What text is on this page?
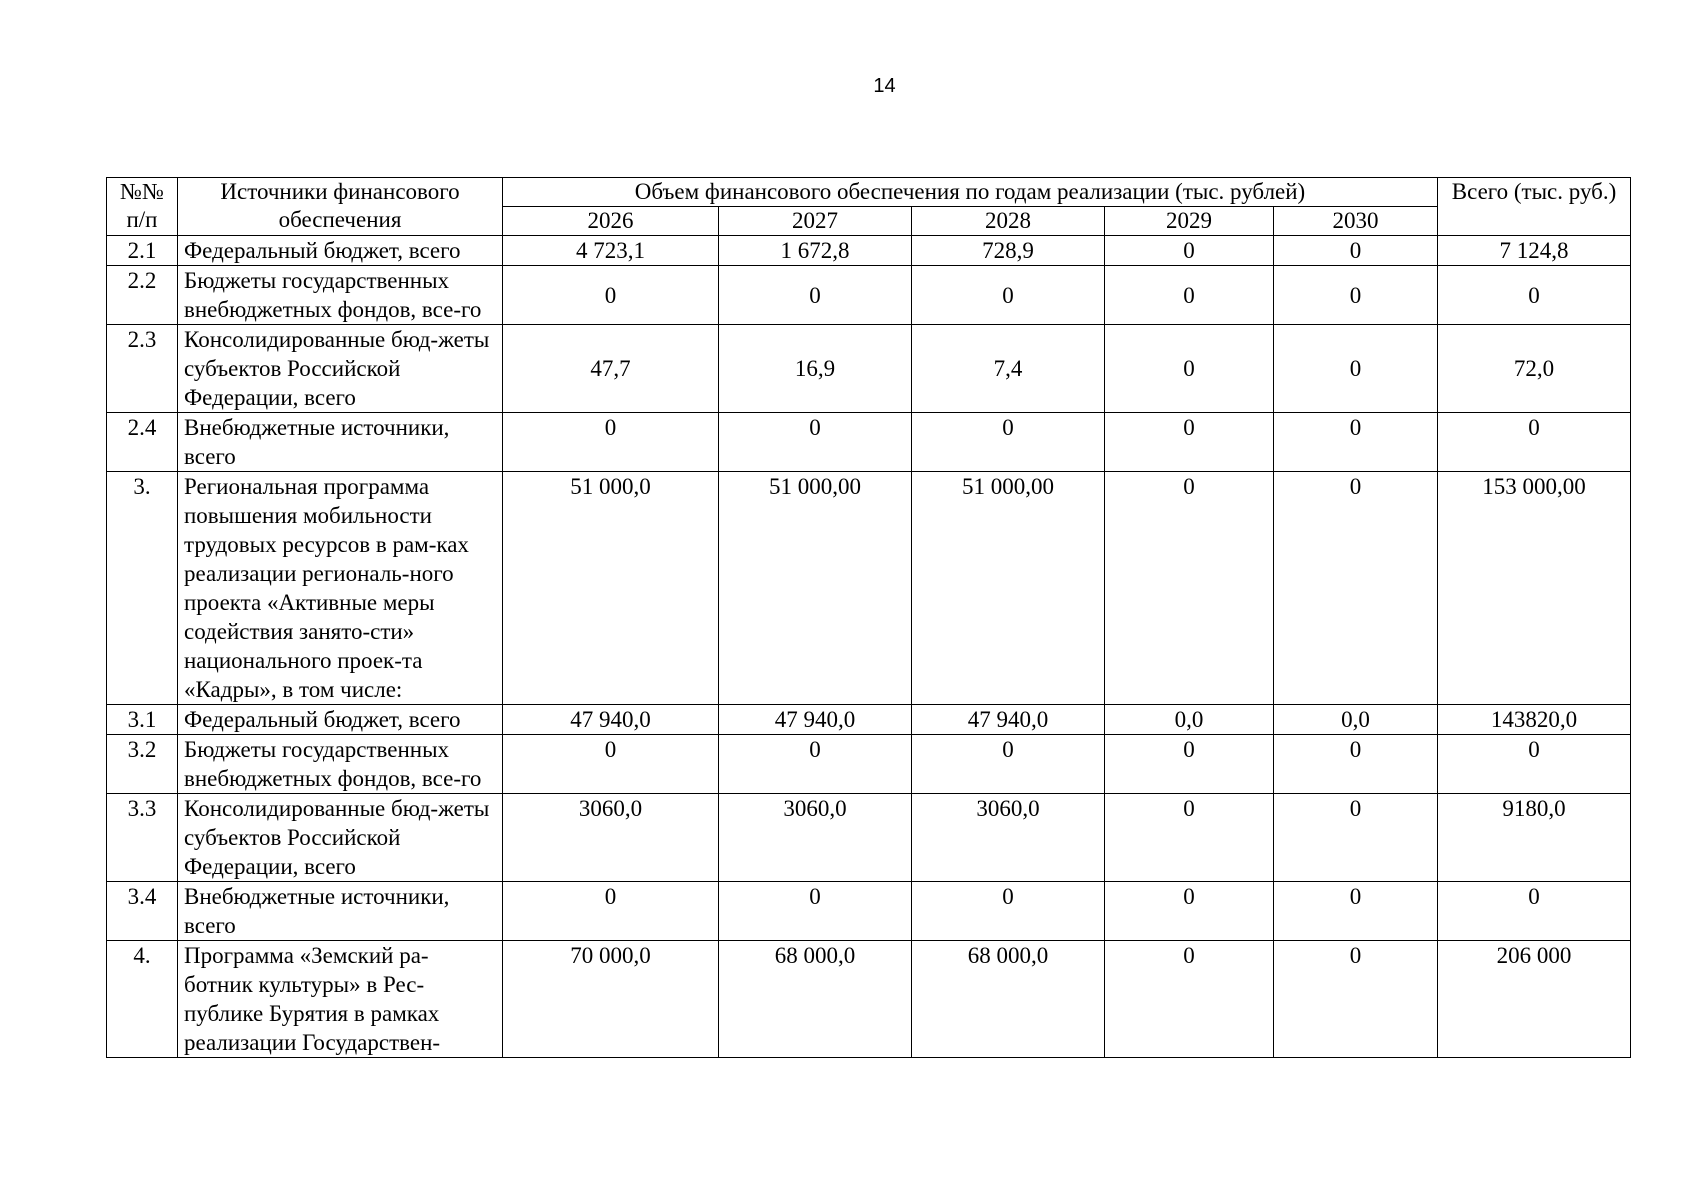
14
№№ п/п	Источники финансового обеспечения	Объем финансового обеспечения по годам реализации (тыс. рублей)					Всего (тыс. руб.)
		2026	2027	2028	2029	2030	
2.1	Федеральный бюджет, всего	4 723,1	1 672,8	728,9	0	0	7 124,8
2.2	Бюджеты государственных внебюджетных фондов, все-го	0	0	0	0	0	0
2.3	Консолидированные бюд-жеты субъектов Российской Федерации, всего	47,7	16,9	7,4	0	0	72,0
2.4	Внебюджетные источники, всего	0	0	0	0	0	0
3.	Региональная программа повышения мобильности трудовых ресурсов в рам-ках реализации региональ-ного проекта «Активные меры содействия занято-сти» национального проек-та «Кадры», в том числе:	51 000,0	51 000,00	51 000,00	0	0	153 000,00
3.1	Федеральный бюджет, всего	47 940,0	47 940,0	47 940,0	0,0	0,0	143820,0
3.2	Бюджеты государственных внебюджетных фондов, все-го	0	0	0	0	0	0
3.3	Консолидированные бюд-жеты субъектов Российской Федерации, всего	3060,0	3060,0	3060,0	0	0	9180,0
3.4	Внебюджетные источники, всего	0	0	0	0	0	0
4.	Программа «Земский ра-ботник культуры» в Рес-публике Бурятия в рамках реализации Государствен-	70 000,0	68 000,0	68 000,0	0	0	206 000
